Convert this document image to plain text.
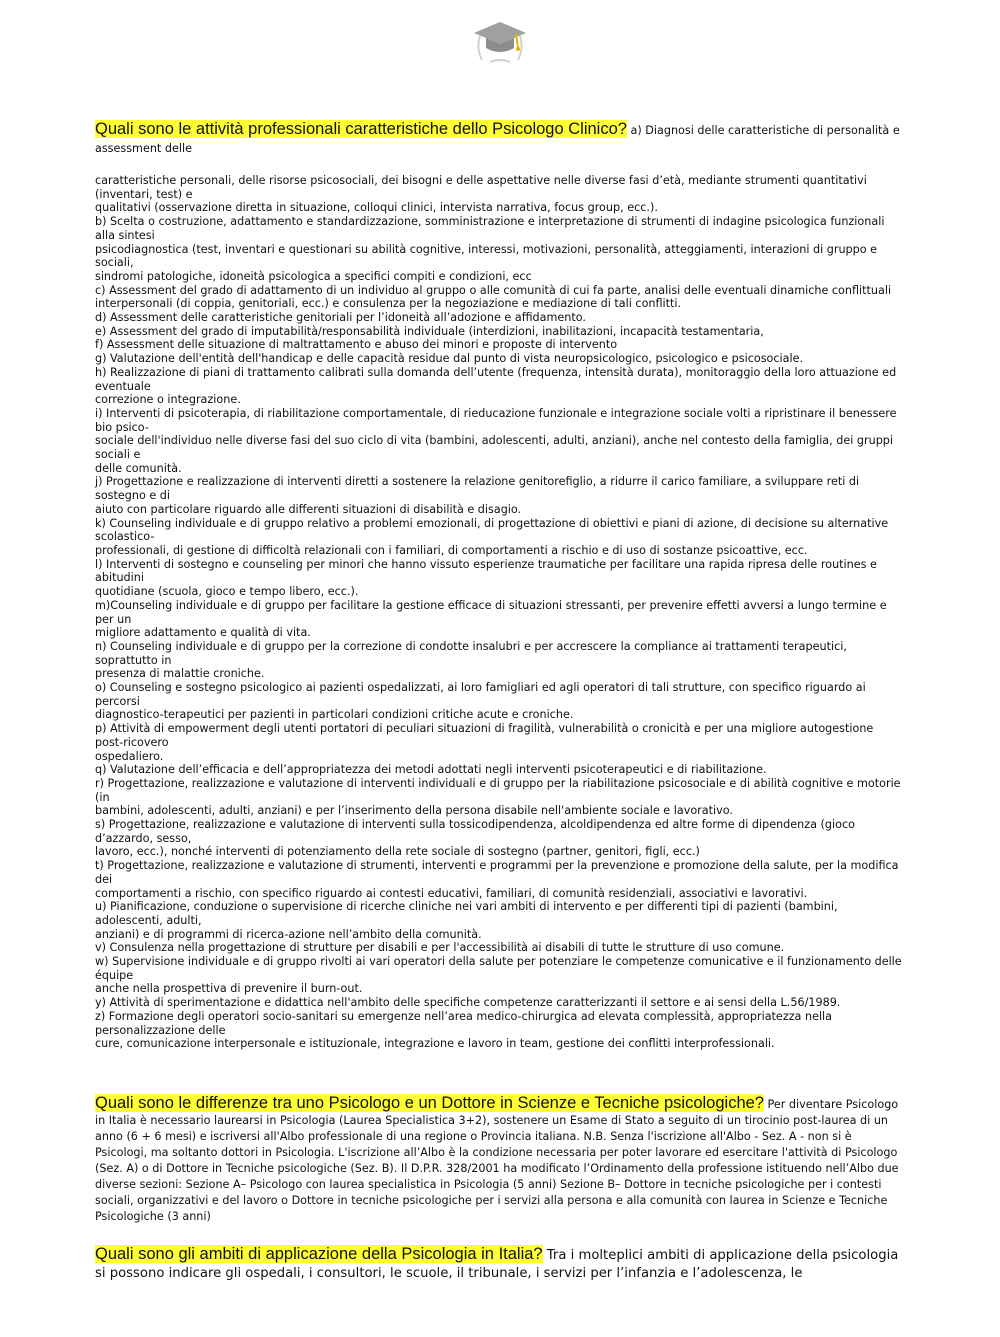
Quali sono le attività professionali caratteristiche dello Psicologo Clinico? a) Diagnosi delle caratteristiche di personalità e assessment delle

caratteristiche personali, delle risorse psicosociali, dei bisogni e delle aspettative nelle diverse fasi d’età, mediante strumenti quantitativi (inventari, test) e
qualitativi (osservazione diretta in situazione, colloqui clinici, intervista narrativa, focus group, ecc.).
b) Scelta o costruzione, adattamento e standardizzazione, somministrazione e interpretazione di strumenti di indagine psicologica funzionali alla sintesi
psicodiagnostica (test, inventari e questionari su abilità cognitive, interessi, motivazioni, personalità, atteggiamenti, interazioni di gruppo e sociali,
sindromi patologiche, idoneità psicologica a specifici compiti e condizioni, ecc
c) Assessment del grado di adattamento di un individuo al gruppo o alle comunità di cui fa parte, analisi delle eventuali dinamiche conflittuali
interpersonali (di coppia, genitoriali, ecc.) e consulenza per la negoziazione e mediazione di tali conflitti.
d) Assessment delle caratteristiche genitoriali per l’idoneità all’adozione e affidamento.
e) Assessment del grado di imputabilità/responsabilità individuale (interdizioni, inabilitazioni, incapacità testamentaria,
f) Assessment delle situazione di maltrattamento e abuso dei minori e proposte di intervento
g) Valutazione dell'entità dell'handicap e delle capacità residue dal punto di vista neuropsicologico, psicologico e psicosociale.
h) Realizzazione di piani di trattamento calibrati sulla domanda dell’utente (frequenza, intensità durata), monitoraggio della loro attuazione ed eventuale
correzione o integrazione.
i) Interventi di psicoterapia, di riabilitazione comportamentale, di rieducazione funzionale e integrazione sociale volti a ripristinare il benessere bio psico-
sociale dell'individuo nelle diverse fasi del suo ciclo di vita (bambini, adolescenti, adulti, anziani), anche nel contesto della famiglia, dei gruppi sociali e
delle comunità.
j) Progettazione e realizzazione di interventi diretti a sostenere la relazione genitorefiglio, a ridurre il carico familiare, a sviluppare reti di sostegno e di
aiuto con particolare riguardo alle differenti situazioni di disabilità e disagio.
k) Counseling individuale e di gruppo relativo a problemi emozionali, di progettazione di obiettivi e piani di azione, di decisione su alternative scolastico-
professionali, di gestione di difficoltà relazionali con i familiari, di comportamenti a rischio e di uso di sostanze psicoattive, ecc.
l) Interventi di sostegno e counseling per minori che hanno vissuto esperienze traumatiche per facilitare una rapida ripresa delle routines e abitudini
quotidiane (scuola, gioco e tempo libero, ecc.).
m)Counseling individuale e di gruppo per facilitare la gestione efficace di situazioni stressanti, per prevenire effetti avversi a lungo termine e per un
migliore adattamento e qualità di vita.
n) Counseling individuale e di gruppo per la correzione di condotte insalubri e per accrescere la compliance ai trattamenti terapeutici, soprattutto in
presenza di malattie croniche.
o) Counseling e sostegno psicologico ai pazienti ospedalizzati, ai loro famigliari ed agli operatori di tali strutture, con specifico riguardo ai percorsi
diagnostico-terapeutici per pazienti in particolari condizioni critiche acute e croniche.
p) Attività di empowerment degli utenti portatori di peculiari situazioni di fragilità, vulnerabilità o cronicità e per una migliore autogestione post-ricovero
ospedaliero.
q) Valutazione dell’efficacia e dell’appropriatezza dei metodi adottati negli interventi psicoterapeutici e di riabilitazione.
r) Progettazione, realizzazione e valutazione di interventi individuali e di gruppo per la riabilitazione psicosociale e di abilità cognitive e motorie (in
bambini, adolescenti, adulti, anziani) e per l’inserimento della persona disabile nell'ambiente sociale e lavorativo.
s) Progettazione, realizzazione e valutazione di interventi sulla tossicodipendenza, alcoldipendenza ed altre forme di dipendenza (gioco d’azzardo, sesso,
lavoro, ecc.), nonché interventi di potenziamento della rete sociale di sostegno (partner, genitori, figli, ecc.)
t) Progettazione, realizzazione e valutazione di strumenti, interventi e programmi per la prevenzione e promozione della salute, per la modifica dei
comportamenti a rischio, con specifico riguardo ai contesti educativi, familiari, di comunità residenziali, associativi e lavorativi.
u) Pianificazione, conduzione o supervisione di ricerche cliniche nei vari ambiti di intervento e per differenti tipi di pazienti (bambini, adolescenti, adulti,
anziani) e di programmi di ricerca-azione nell’ambito della comunità.
v) Consulenza nella progettazione di strutture per disabili e per l'accessibilità ai disabili di tutte le strutture di uso comune.
w) Supervisione individuale e di gruppo rivolti ai vari operatori della salute per potenziare le competenze comunicative e il funzionamento delle équipe
anche nella prospettiva di prevenire il burn-out.
y) Attività di sperimentazione e didattica nell'ambito delle specifiche competenze caratterizzanti il settore e ai sensi della L.56/1989.
z) Formazione degli operatori socio-sanitari su emergenze nell’area medico-chirurgica ad elevata complessità, appropriatezza nella personalizzazione delle
cure, comunicazione interpersonale e istituzionale, integrazione e lavoro in team, gestione dei conflitti interprofessionali.

Quali sono le differenze tra uno Psicologo e un Dottore in Scienze e Tecniche psicologiche? Per diventare Psicologo in Italia è necessario laurearsi in Psicologia (Laurea Specialistica 3+2), sostenere un Esame di Stato a seguito di un tirocinio post-laurea di un anno (6 + 6 mesi) e iscriversi all'Albo professionale di una regione o Provincia italiana. N.B. Senza l'iscrizione all'Albo - Sez. A - non si è Psicologi, ma soltanto dottori in Psicologia. L'iscrizione all’Albo è la condizione necessaria per poter lavorare ed esercitare l'attività di Psicologo (Sez. A) o di Dottore in Tecniche psicologiche (Sez. B). Il D.P.R. 328/2001 ha modificato l’Ordinamento della professione istituendo nell’Albo due diverse sezioni: Sezione A– Psicologo con laurea specialistica in Psicologia (5 anni) Sezione B– Dottore in tecniche psicologiche per i contesti sociali, organizzativi e del lavoro o Dottore in tecniche psicologiche per i servizi alla persona e alla comunità con laurea in Scienze e Tecniche Psicologiche (3 anni)

Quali sono gli ambiti di applicazione della Psicologia in Italia? Tra i molteplici ambiti di applicazione della psicologia si possono indicare gli ospedali, i consultori, le scuole, il tribunale, i servizi per l’infanzia e l’adolescenza, le
